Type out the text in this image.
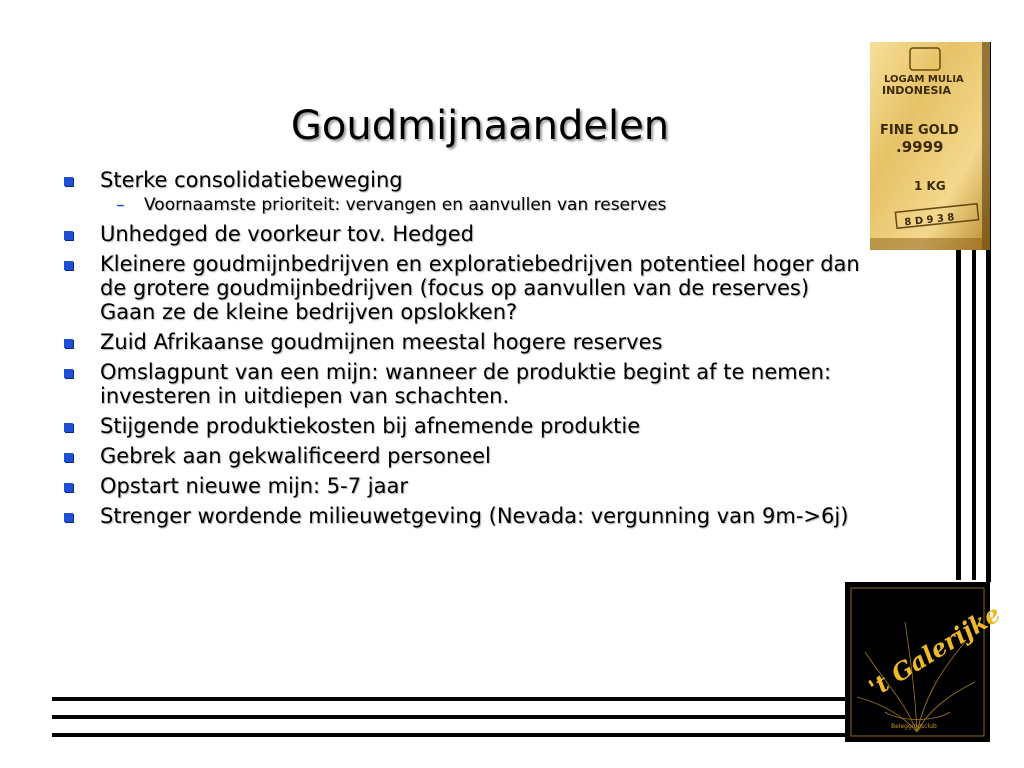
Goudmijnaandelen
Sterke consolidatiebeweging
– Voornaamste prioriteit: vervangen en aanvullen van reserves
Unhedged de voorkeur tov. Hedged
Kleinere goudmijnbedrijven en exploratiebedrijven potentieel hoger dan
de grotere goudmijnbedrijven (focus op aanvullen van de reserves)
Gaan ze de kleine bedrijven opslokken?
Zuid Afrikaanse goudmijnen meestal hogere reserves
Omslagpunt van een mijn: wanneer de produktie begint af te nemen:
investeren in uitdiepen van schachten.
Stijgende produktiekosten bij afnemende produktie
Gebrek aan gekwalificeerd personeel
Opstart nieuwe mijn: 5-7 jaar
Strenger wordende milieuwetgeving (Nevada: vergunning van 9m->6j)
LOGAM MULIA
INDONESIA
FINE GOLD
.9999
1 KG
8 D 9 3 8
't Galerijke
Beleggingsclub
